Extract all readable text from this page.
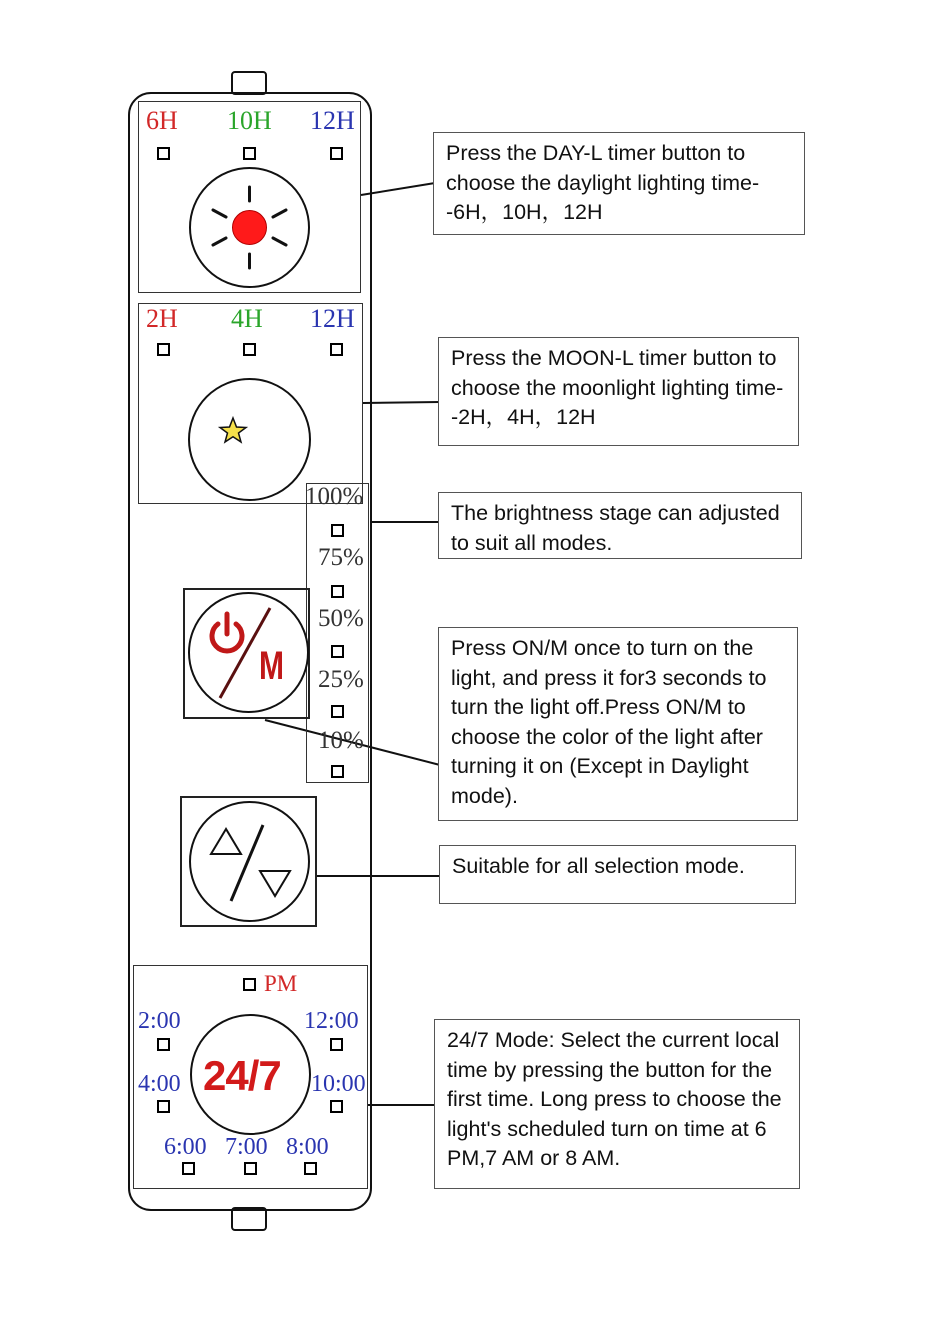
6H 10H 12H
2H 4H 12H
100%
75%
50%
25%
10%
M
PM
2:00	12:00
4:00	10:00
24/7
6:00 7:00 8:00
Press the DAY-L timer button to choose the daylight lighting time--6H，10H，12H
Press the MOON-L timer button to choose the moonlight lighting time--2H，4H，12H
The brightness stage can adjusted to suit all modes.
Press ON/M once to turn on the light, and press it for3 seconds to turn the light off.Press ON/M to choose the color of the light after turning it on (Except in Daylight mode).
Suitable for all selection mode.
24/7 Mode: Select the current local time by pressing the button for the first time. Long press to choose the light's scheduled turn on time at 6 PM,7 AM or 8 AM.
